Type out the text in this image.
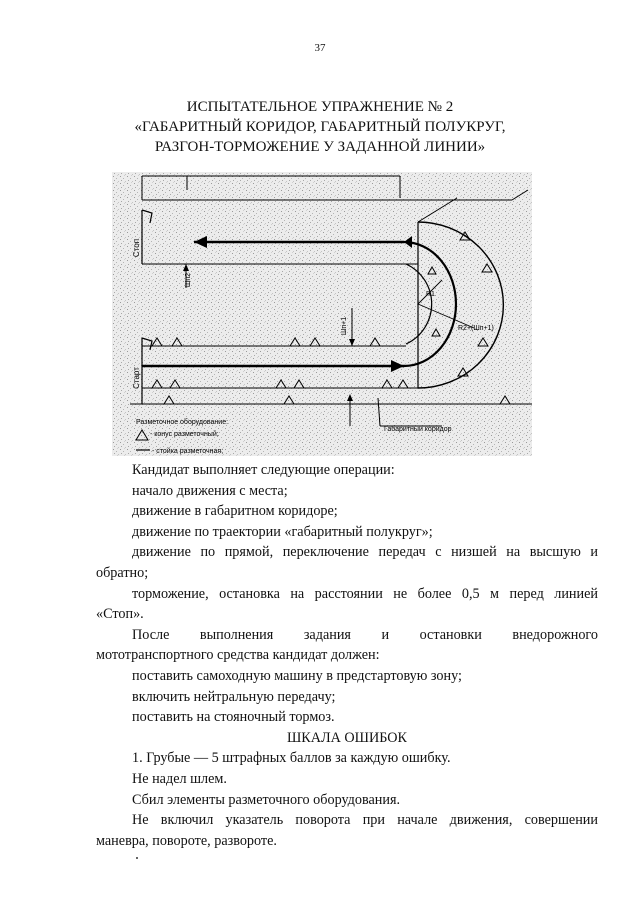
37
ИСПЫТАТЕЛЬНОЕ УПРАЖНЕНИЕ № 2
«ГАБАРИТНЫЙ КОРИДОР, ГАБАРИТНЫЙ ПОЛУКРУГ,
РАЗГОН-ТОРМОЖЕНИЕ У ЗАДАННОЙ ЛИНИИ»
Стоп
Шп2
R1
R2+(Шп+1)
Шп+1
Старт
Габаритный коридор
Разметочное оборудование:
- конус разметочный;
- стойка разметочная;

Кандидат выполняет следующие операции:

начало движения с места;

движение в габаритном коридоре;

движение по траектории «габаритный полукруг»;

движение по прямой, переключение передач с низшей на высшую и

обратно;

торможение, остановка на расстоянии не более 0,5 м перед линией

«Стоп».

После выполнения задания и остановки внедорожного

мототранспортного средства кандидат должен:

поставить самоходную машину в предстартовую зону;

включить нейтральную передачу;

поставить на стояночный тормоз.

ШКАЛА ОШИБОК

1. Грубые — 5 штрафных баллов за каждую ошибку.

Не надел шлем.

Сбил элементы разметочного оборудования.

Не включил указатель поворота при начале движения, совершении

маневра, повороте, развороте.
